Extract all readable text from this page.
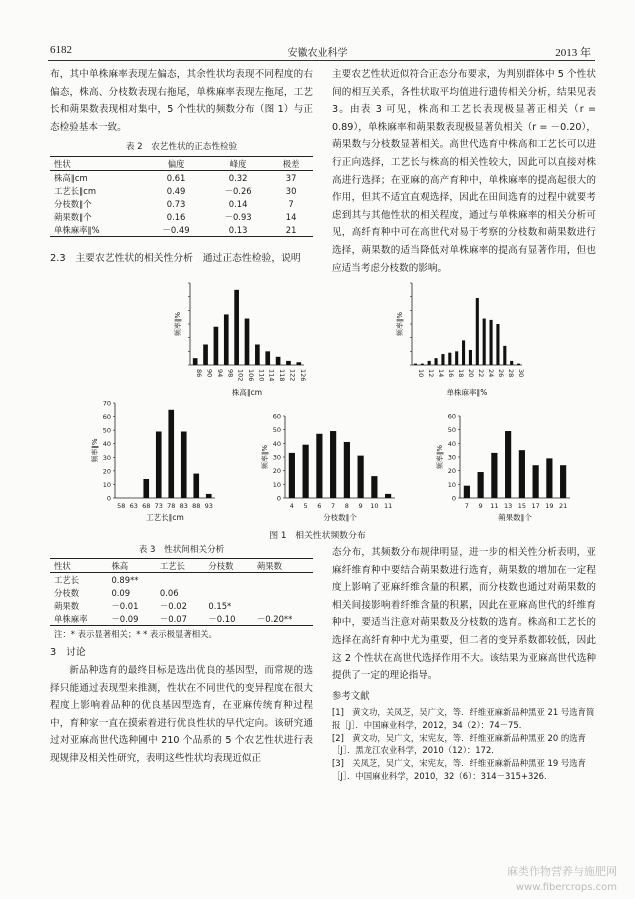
6182	安徽农业科学	2013 年

布，其中单株麻率表现左偏态，其余性状均表现不同程度的右偏态，株高、分枝数表现右拖尾，单株麻率表现左拖尾，工艺长和蒴果数表现相对集中，5 个性状的频数分布（图 1）与正态检验基本一致。

表 2　农艺性状的正态性检验
性状	偏度	峰度	极差
株高∥cm	0.61	0.32	37
工艺长∥cm	0.49	－0.26	30
分枝数∥个	0.73	0.14	7
蒴果数∥个	0.16	－0.93	14
单株麻率∥%	－0.49	0.13	21
2.3　主要农艺性状的相关性分析　通过正态性检验，说明

主要农艺性状近似符合正态分布要求，为判别群体中 5 个性状间的相互关系，各性状取平均值进行遗传相关分析，结果见表 3。由表 3 可见，株高和工艺长表现极显著正相关（r = 0.89），单株麻率和蒴果数表现极显著负相关（r = －0.20），蒴果数与分枝数显著相关。高世代选育中株高和工艺长可以进行正向选择，工艺长与株高的相关性较大，因此可以直接对株高进行选择；在亚麻的高产育种中，单株麻率的提高起很大的作用，但其不适宜直观选择，因此在田间选育的过程中就要考虑到其与其他性状的相关程度，通过与单株麻率的相关分析可见，高纤育种中可在高世代对易于考察的分枝数和蒴果数进行选择，蒴果数的适当降低对单株麻率的提高有显著作用，但也应适当考虑分枝数的影响。

86 90 94 98 102 106 110 114 118 122 126
株高∥cm
频率∥%
10 12 14 16 18 20 22 24 26 28 30
单株麻率∥%
频率∥%
0
10
20
30
40
50
60
70
58 63 68 73 78 83 88 93
工艺长∥cm
频率∥%
0
10
20
30
40
50
60
4 5 6 7 8 9 10 11
分枝数∥个
频率∥%
0
10
20
30
40
50
60
7 9 11 13 15 17 19 21
蒴果数∥个
频率∥%
图 1　相关性状频数分布
表 3　性状间相关分析
性状	株高	工艺长	分枝数	蒴果数
工艺长	0.89**			
分枝数	0.09	0.06		
蒴果数	－0.01	－0.02	0.15*	
单株麻率	－0.09	－0.07	－0.10	－0.20**
注：* 表示显著相关；* * 表示极显著相关。
3　讨论

新品种选育的最终目标是选出优良的基因型，而常规的选择只能通过表现型来推测，性状在不同世代的变异程度在很大程度上影响着品种的优良基因型选育，在亚麻传统育种过程中，育种家一直在摸索着进行优良性状的早代定向。该研究通过对亚麻高世代选种圃中 210 个品系的 5 个农艺性状进行表现规律及相关性研究，表明这些性状均表现近似正

态分布，其频数分布规律明显，进一步的相关性分析表明，亚麻纤维育种中要结合蒴果数进行选育，蒴果数的增加在一定程度上影响了亚麻纤维含量的积累，而分枝数也通过对蒴果数的相关间接影响着纤维含量的积累，因此在亚麻高世代的纤维育种中，要适当注意对蒴果数及分枝数的选育。株高和工艺长的选择在高纤育种中尤为重要，但二者的变异系数都较低，因此这 2 个性状在高世代选择作用不大。该结果为亚麻高世代选种提供了一定的理论指导。

参考文献
[1]　黄文功，关凤芝，吴广文，等．纤维亚麻新品种黑亚 21 号选育简报［J］．中国麻业科学，2012，34（2）：74－75．
[2]　黄文功，吴广文，宋宪友，等．纤维亚麻新品种黑亚 20 的选育［J］．黑龙江农业科学，2010（12）：172．
[3]　关凤芝，吴广文，宋宪友，等．纤维亚麻新品种黑亚 19 号选育［J］．中国麻业科学，2010，32（6）：314－315+326．
麻类作物营养与施肥网
www.fibercrops.com
